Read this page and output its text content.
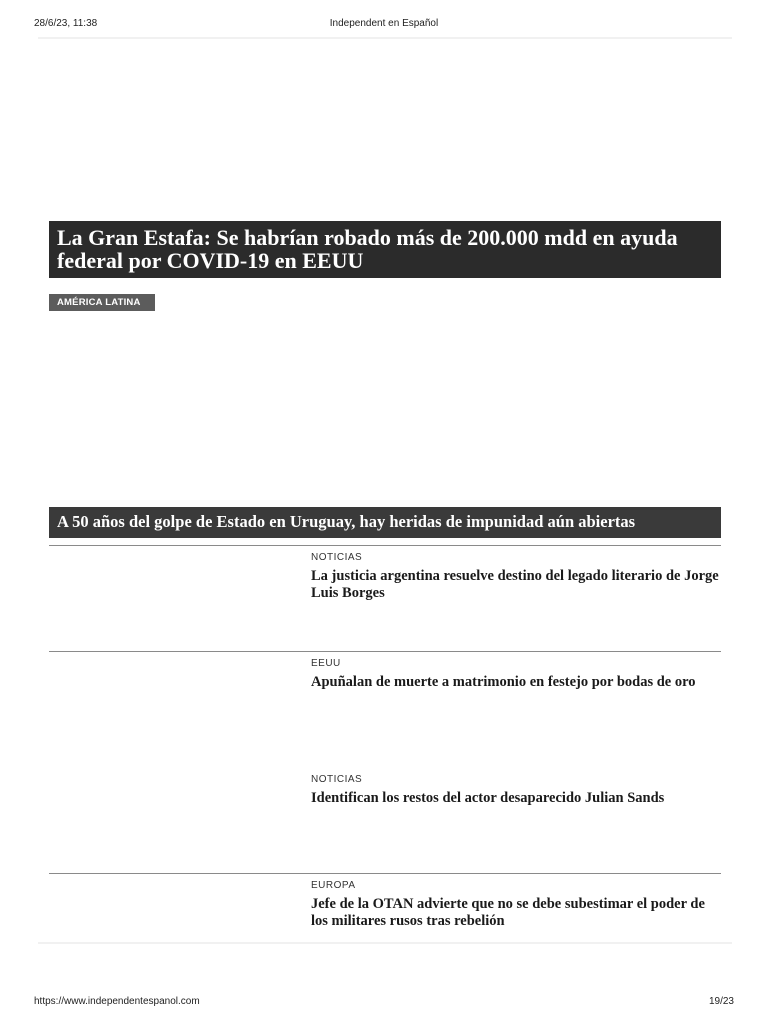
28/6/23, 11:38	Independent en Español
La Gran Estafa: Se habrían robado más de 200.000 mdd en ayuda federal por COVID-19 en EEUU
AMÉRICA LATINA
A 50 años del golpe de Estado en Uruguay, hay heridas de impunidad aún abiertas
NOTICIAS
La justicia argentina resuelve destino del legado literario de Jorge Luis Borges
EEUU
Apuñalan de muerte a matrimonio en festejo por bodas de oro
NOTICIAS
Identifican los restos del actor desaparecido Julian Sands
EUROPA
Jefe de la OTAN advierte que no se debe subestimar el poder de los militares rusos tras rebelión
https://www.independentespanol.com	19/23
